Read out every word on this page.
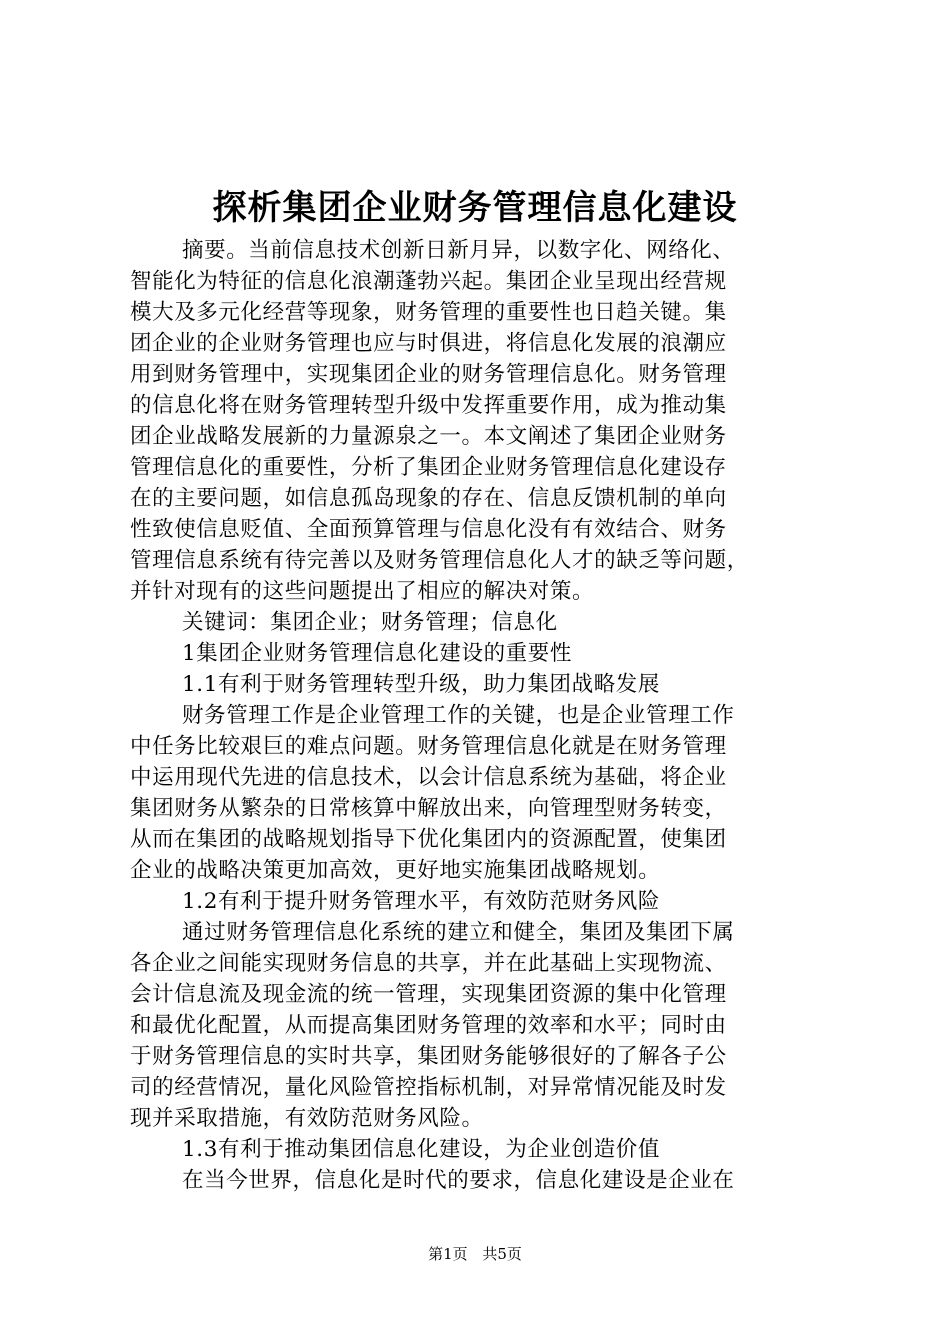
探析集团企业财务管理信息化建设
摘要。当前信息技术创新日新月异，以数字化、网络化、
智能化为特征的信息化浪潮蓬勃兴起。集团企业呈现出经营规
模大及多元化经营等现象，财务管理的重要性也日趋关键。集
团企业的企业财务管理也应与时俱进，将信息化发展的浪潮应
用到财务管理中，实现集团企业的财务管理信息化。财务管理
的信息化将在财务管理转型升级中发挥重要作用，成为推动集
团企业战略发展新的力量源泉之一。本文阐述了集团企业财务
管理信息化的重要性，分析了集团企业财务管理信息化建设存
在的主要问题，如信息孤岛现象的存在、信息反馈机制的单向
性致使信息贬值、全面预算管理与信息化没有有效结合、财务
管理信息系统有待完善以及财务管理信息化人才的缺乏等问题，
并针对现有的这些问题提出了相应的解决对策。
关键词：集团企业；财务管理；信息化
1集团企业财务管理信息化建设的重要性
1.1有利于财务管理转型升级，助力集团战略发展
财务管理工作是企业管理工作的关键，也是企业管理工作
中任务比较艰巨的难点问题。财务管理信息化就是在财务管理
中运用现代先进的信息技术，以会计信息系统为基础，将企业
集团财务从繁杂的日常核算中解放出来，向管理型财务转变，
从而在集团的战略规划指导下优化集团内的资源配置，使集团
企业的战略决策更加高效，更好地实施集团战略规划。
1.2有利于提升财务管理水平，有效防范财务风险
通过财务管理信息化系统的建立和健全，集团及集团下属
各企业之间能实现财务信息的共享，并在此基础上实现物流、
会计信息流及现金流的统一管理，实现集团资源的集中化管理
和最优化配置，从而提高集团财务管理的效率和水平；同时由
于财务管理信息的实时共享，集团财务能够很好的了解各子公
司的经营情况，量化风险管控指标机制，对异常情况能及时发
现并采取措施，有效防范财务风险。
1.3有利于推动集团信息化建设，为企业创造价值
在当今世界，信息化是时代的要求，信息化建设是企业在
第1页 共5页
